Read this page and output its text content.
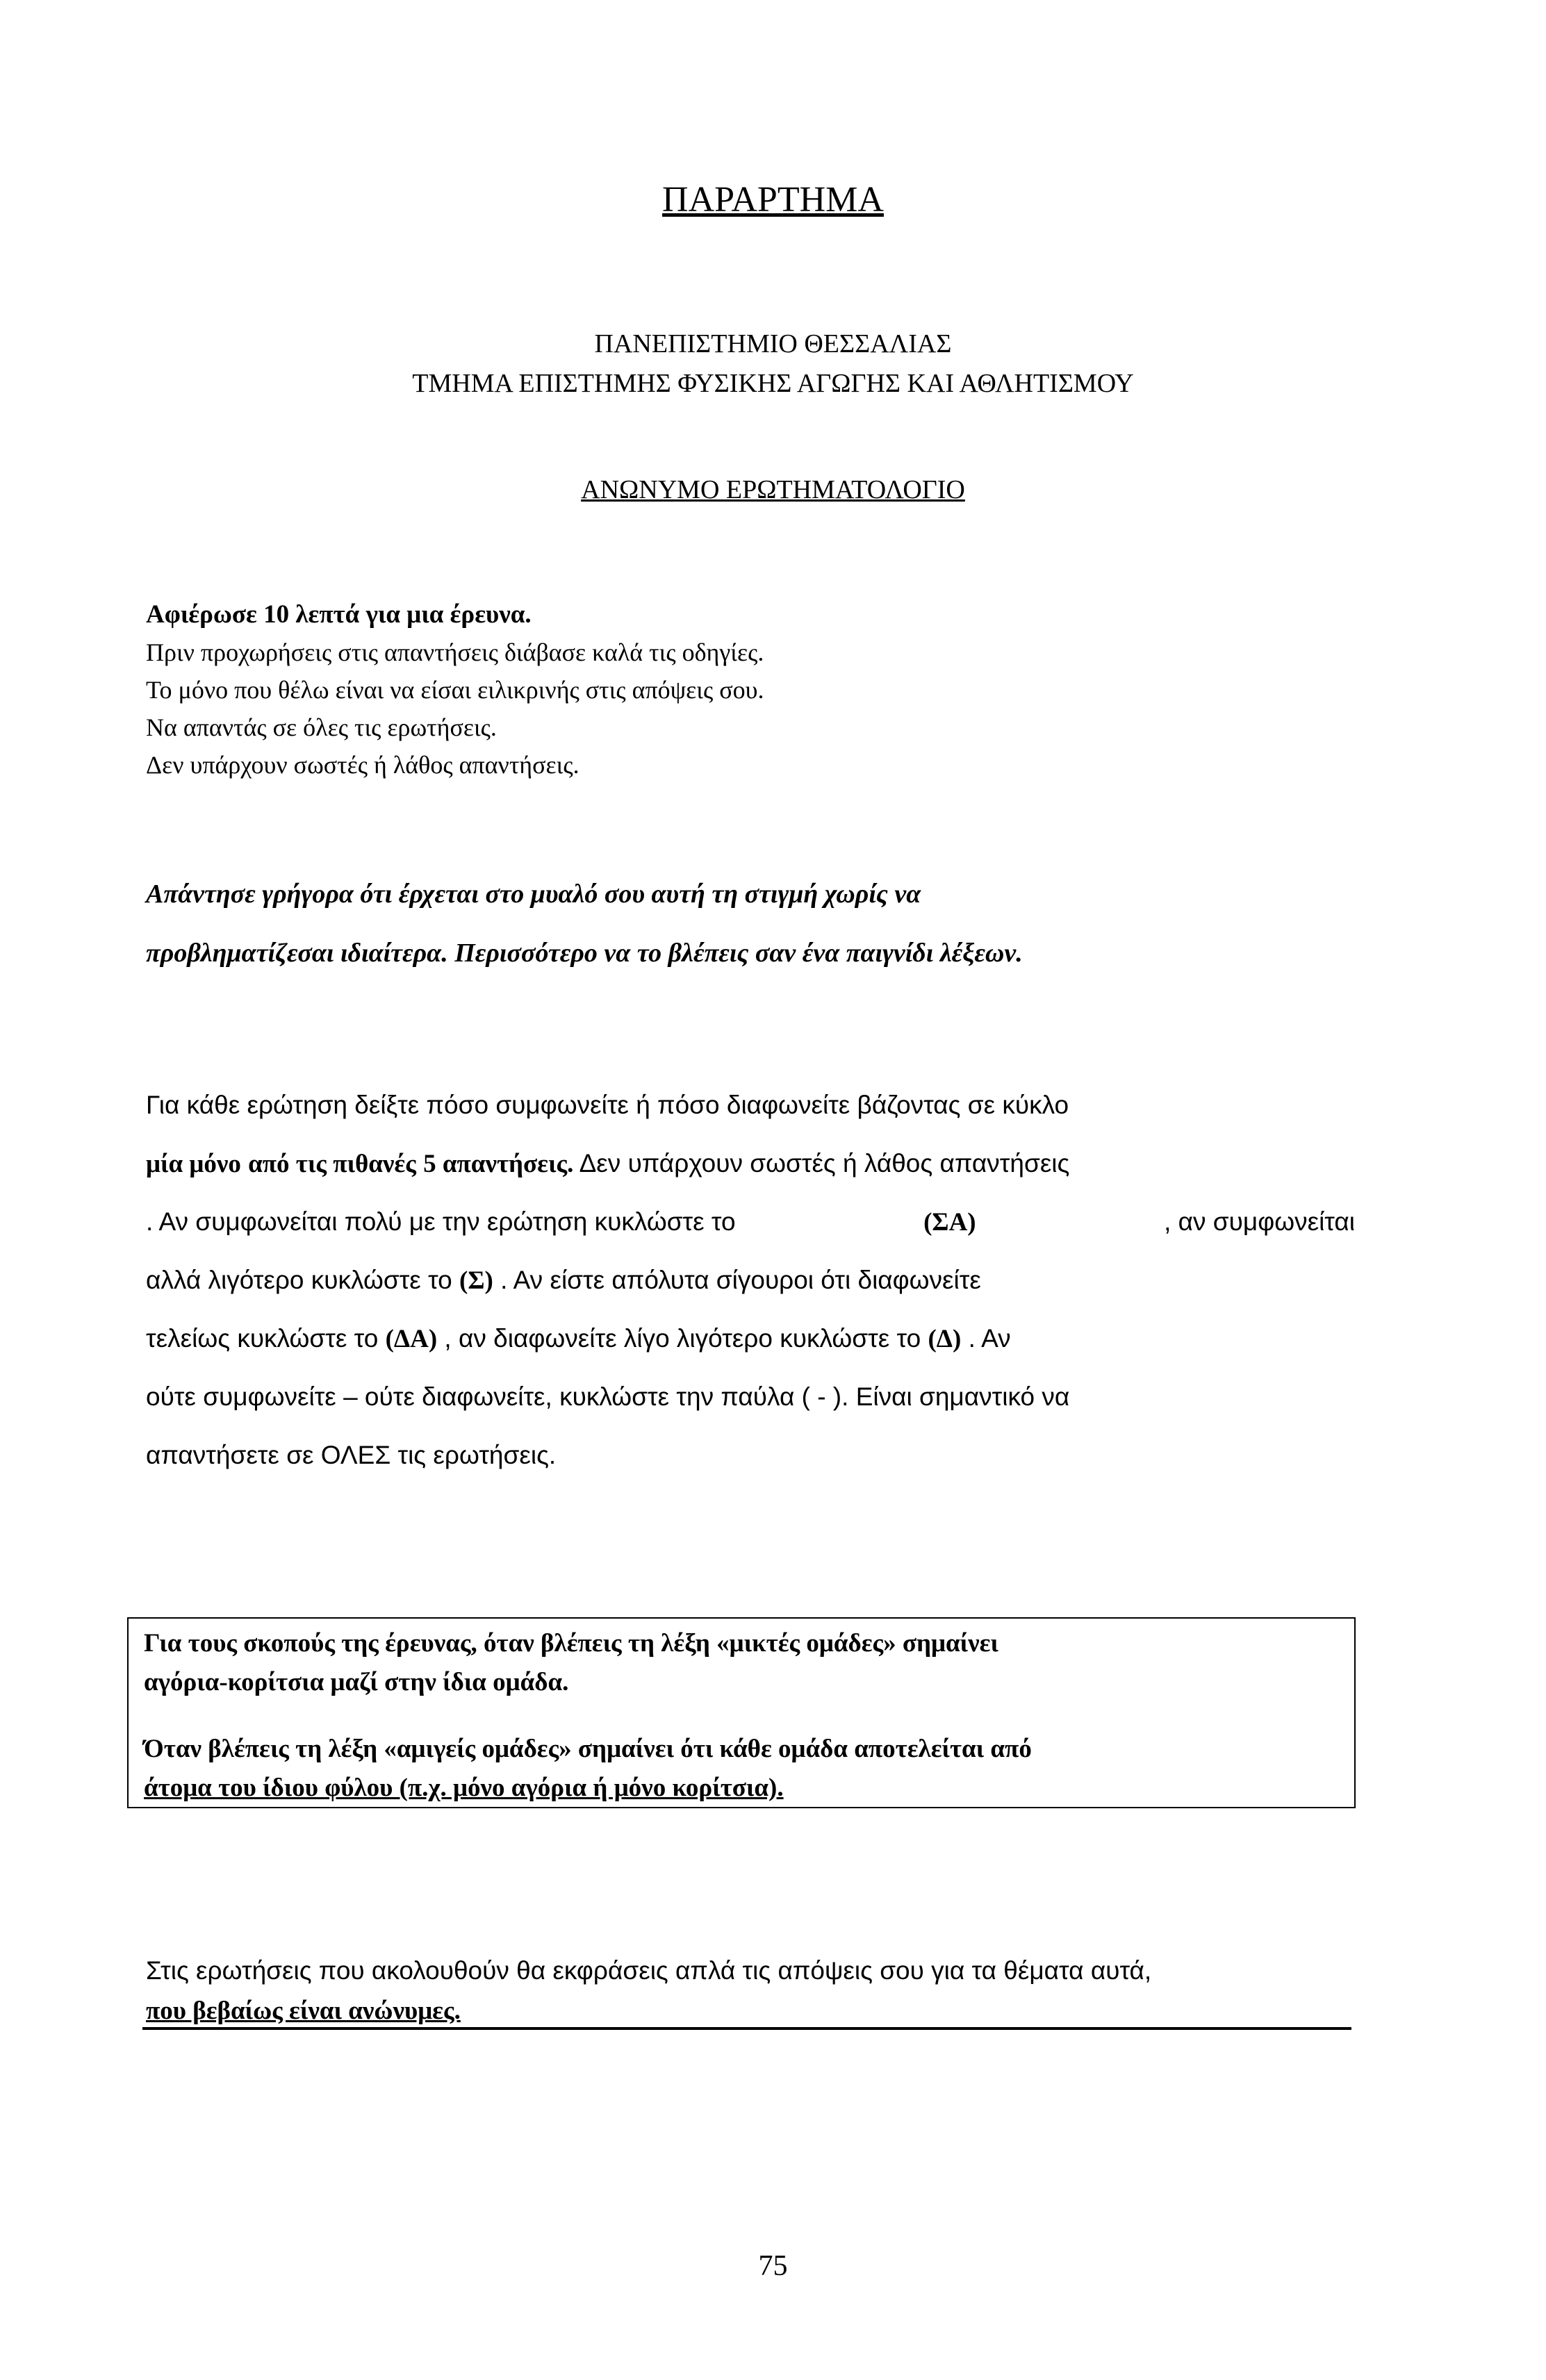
ΠΑΡΑΡΤΗΜΑ
ΠΑΝΕΠΙΣΤΗΜΙΟ ΘΕΣΣΑΛΙΑΣ
ΤΜΗΜΑ ΕΠΙΣΤΗΜΗΣ ΦΥΣΙΚΗΣ ΑΓΩΓΗΣ ΚΑΙ ΑΘΛΗΤΙΣΜΟΥ
ΑΝΩΝΥΜΟ ΕΡΩΤΗΜΑΤΟΛΟΓΙΟ
Αφιέρωσε 10 λεπτά για μια έρευνα.
Πριν προχωρήσεις στις απαντήσεις διάβασε καλά τις οδηγίες.
Το μόνο που θέλω είναι να είσαι ειλικρινής στις απόψεις σου.
Να απαντάς σε όλες τις ερωτήσεις.
Δεν υπάρχουν σωστές ή λάθος απαντήσεις.
Απάντησε γρήγορα ότι έρχεται στο μυαλό σου αυτή τη στιγμή χωρίς να
προβληματίζεσαι ιδιαίτερα. Περισσότερο να το βλέπεις σαν ένα παιγνίδι λέξεων.
Για κάθε ερώτηση δείξτε πόσο συμφωνείτε ή πόσο διαφωνείτε βάζοντας σε κύκλο
μία μόνο από τις πιθανές 5 απαντήσεις. Δεν υπάρχουν σωστές ή λάθος απαντήσεις
. Αν συμφωνείται πολύ με την ερώτηση κυκλώστε το	(ΣΑ)	, αν συμφωνείται
αλλά λιγότερο κυκλώστε το (Σ) . Αν είστε απόλυτα σίγουροι ότι διαφωνείτε
τελείως κυκλώστε το (ΔΑ) , αν διαφωνείτε λίγο λιγότερο κυκλώστε το (Δ) . Αν
ούτε συμφωνείτε – ούτε διαφωνείτε, κυκλώστε την παύλα ( - ). Είναι σημαντικό να
απαντήσετε σε ΟΛΕΣ τις ερωτήσεις.
Για τους σκοπούς της έρευνας, όταν βλέπεις τη λέξη «μικτές ομάδες» σημαίνει
αγόρια-κορίτσια μαζί στην ίδια ομάδα.
Όταν βλέπεις τη λέξη «αμιγείς ομάδες» σημαίνει ότι κάθε ομάδα αποτελείται από
άτομα του ίδιου φύλου (π.χ. μόνο αγόρια ή μόνο κορίτσια).
Στις ερωτήσεις που ακολουθούν θα εκφράσεις απλά τις απόψεις σου για τα θέματα αυτά,
που βεβαίως είναι ανώνυμες.
75
